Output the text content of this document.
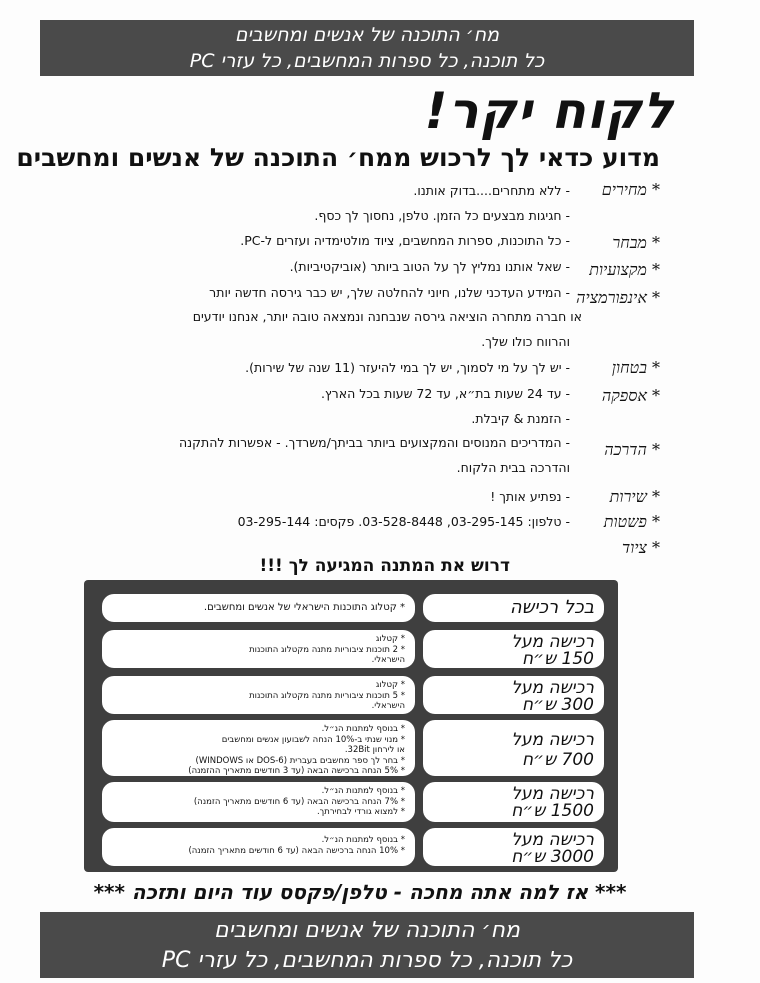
מח׳ התוכנה של אנשים ומחשבים
כל תוכנה, כל ספרות המחשבים, כל עזרי PC
לקוח יקר!
מדוע כדאי לך לרכוש ממח׳ התוכנה של אנשים ומחשבים
* מחירים
* מבחר
* מקצועיות
* אינפורמציה
* בטחון
* אספקה
* הדרכה
* שירות
* פשטות
* ציוד
- ללא מתחרים....בדוק אותנו.
- חגיגות מבצעים כל הזמן. טלפן, נחסוך לך כסף.
- כל התוכנות, ספרות המחשבים, ציוד מולטימדיה ועזרים ל-PC.
- שאל אותנו נמליץ לך על הטוב ביותר (אוביקטיביות).
- המידע העדכני שלנו, חיוני להחלטה שלך, יש כבר גירסה חדשה יותר
או חברה מתחרה הוציאה גירסה שנבחנה ונמצאה טובה יותר, אנחנו יודעים
והרווח כולו שלך.
- יש לך על מי לסמוך, יש לך במי להיעזר (11 שנה של שירות).
- עד 24 שעות בת״א, עד 72 שעות בכל הארץ.
- הזמנת & קיבלת.
- המדריכים המנוסים והמקצועים ביותר בביתך/משרדך. - אפשרות להתקנה
והדרכה בבית הלקוח.
- נפתיע אותך !
- טלפון: 03-295-145, 03-528-8448. פקסים: 03-295-144
דרוש את המתנה המגיעה לך !!!
בכל רכישה
* קטלוג התוכנות הישראלי של אנשים ומחשבים.
רכישה מעל
150 ש״ח
* קטלוג
* 2 תוכנות ציבוריות מתנה מקטלוג התוכנות
הישראלי.
רכישה מעל
300 ש״ח
* קטלוג
* 5 תוכנות ציבוריות מתנה מקטלוג התוכנות
הישראלי.
רכישה מעל
700 ש״ח
* בנוסף למתנות הנ״ל.
* מנוי שנתי ב-10% הנחה לשבועון אנשים ומחשבים
או לירחון 32Bit.
* בחר לך ספר מחשבים בעברית (DOS-6 או WINDOWS)
* 5% הנחה ברכישה הבאה (עד 3 חודשים מתאריך ההזמנה)
רכישה מעל
1500 ש״ח
* בנוסף למתנות הנ״ל.
* 7% הנחה ברכישה הבאה (עד 6 חודשים מתאריך הזמנה)
* למצוא גורדי לבחירתך.
רכישה מעל
3000 ש״ח
* בנוסף למתנות הנ״ל.
* 10% הנחה ברכישה הבאה (עד 6 חודשים מתאריך הזמנה)
*** אז למה אתה מחכה - טלפן/פקסס עוד היום ותזכה ***
מח׳ התוכנה של אנשים ומחשבים
כל תוכנה, כל ספרות המחשבים, כל עזרי PC
